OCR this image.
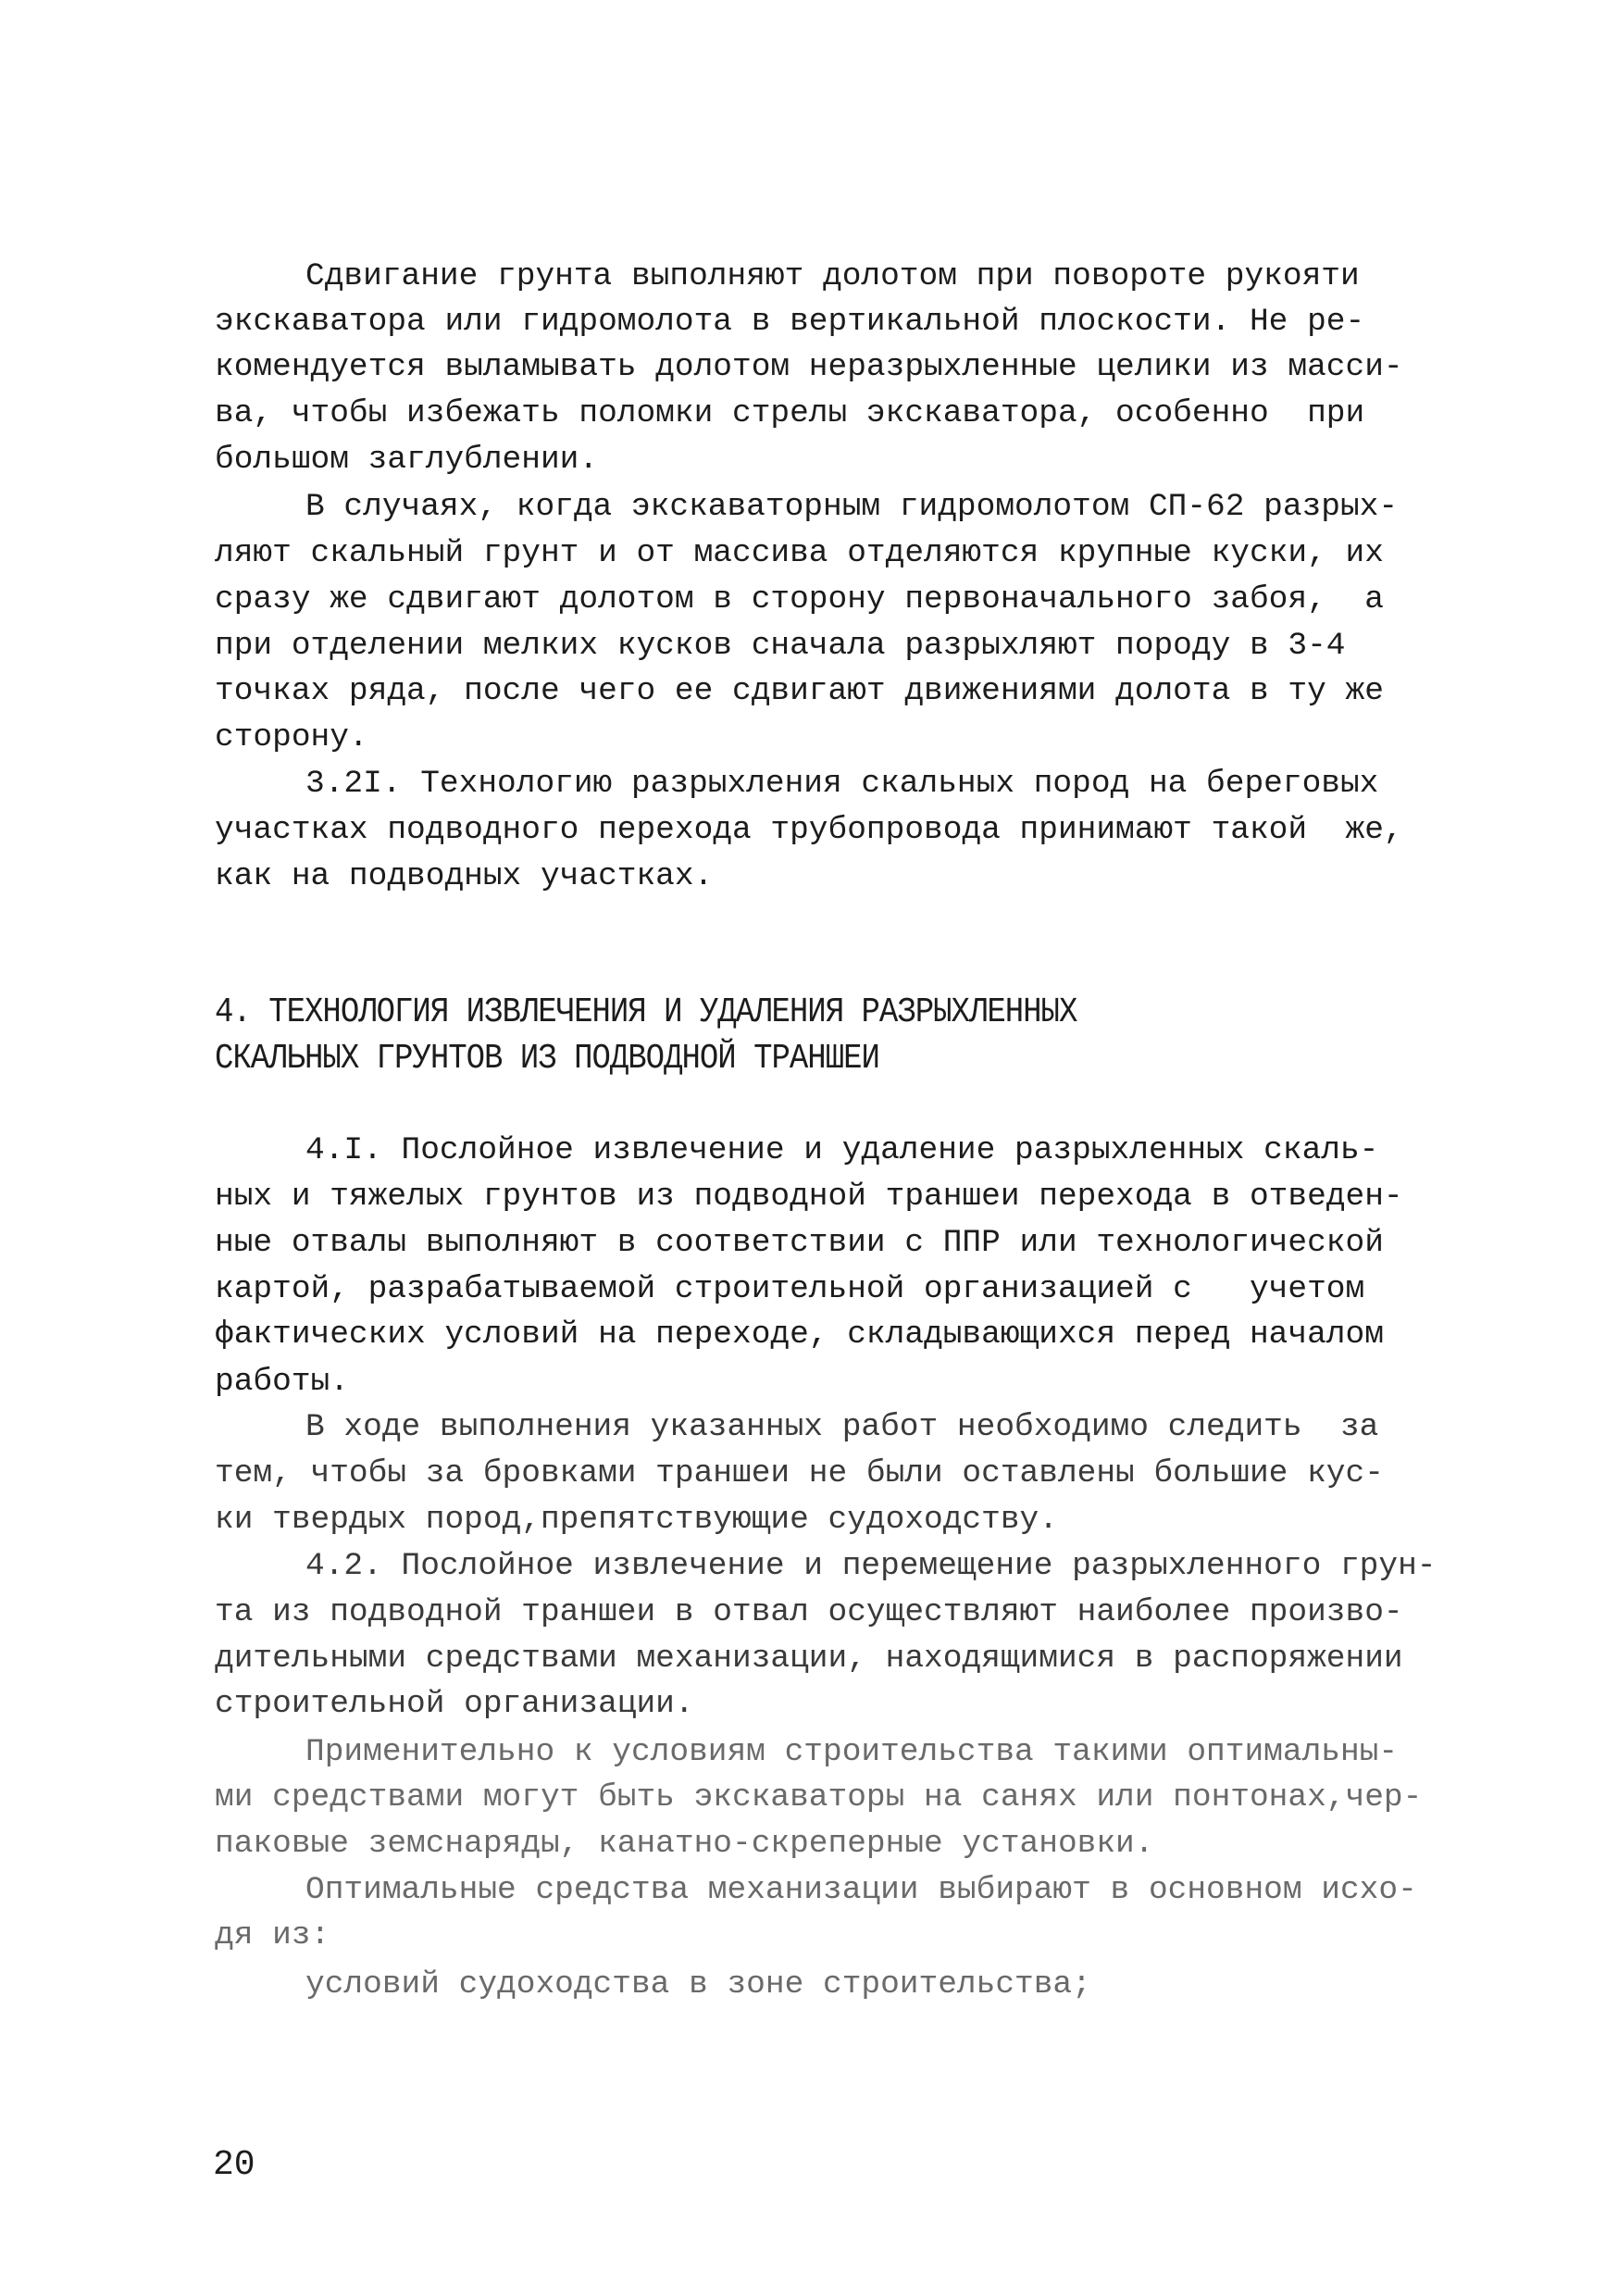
Сдвигание грунта выполняют долотом при повороте рукояти
экскаватора или гидромолота в вертикальной плоскости. Не ре-
комендуется выламывать долотом неразрыхленные целики из масси-
ва, чтобы избежать поломки стрелы экскаватора, особенно  при
большом заглублении.
В случаях, когда экскаваторным гидромолотом СП-62 разрых-
ляют скальный грунт и от массива отделяются крупные куски, их
сразу же сдвигают долотом в сторону первоначального забоя,  а
при отделении мелких кусков сначала разрыхляют породу в 3-4
точках ряда, после чего ее сдвигают движениями долота в ту же
сторону.
3.2I. Технологию разрыхления скальных пород на береговых
участках подводного перехода трубопровода принимают такой  же,
как на подводных участках.
4. ТЕХНОЛОГИЯ ИЗВЛЕЧЕНИЯ И УДАЛЕНИЯ РАЗРЫХЛЕННЫХ
СКАЛЬНЫХ ГРУНТОВ ИЗ ПОДВОДНОЙ ТРАНШЕИ
4.I. Послойное извлечение и удаление разрыхленных скаль-
ных и тяжелых грунтов из подводной траншеи перехода в отведен-
ные отвалы выполняют в соответствии с ППР или технологической
картой, разрабатываемой строительной организацией с   учетом
фактических условий на переходе, складывающихся перед началом
работы.
В ходе выполнения указанных работ необходимо следить  за
тем, чтобы за бровками траншеи не были оставлены большие кус-
ки твердых пород,препятствующие судоходству.
4.2. Послойное извлечение и перемещение разрыхленного грун-
та из подводной траншеи в отвал осуществляют наиболее произво-
дительными средствами механизации, находящимися в распоряжении
строительной организации.
Применительно к условиям строительства такими оптимальны-
ми средствами могут быть экскаваторы на санях или понтонах,чер-
паковые земснаряды, канатно-скреперные установки.
Оптимальные средства механизации выбирают в основном исхо-
дя из:
условий судоходства в зоне строительства;
20
